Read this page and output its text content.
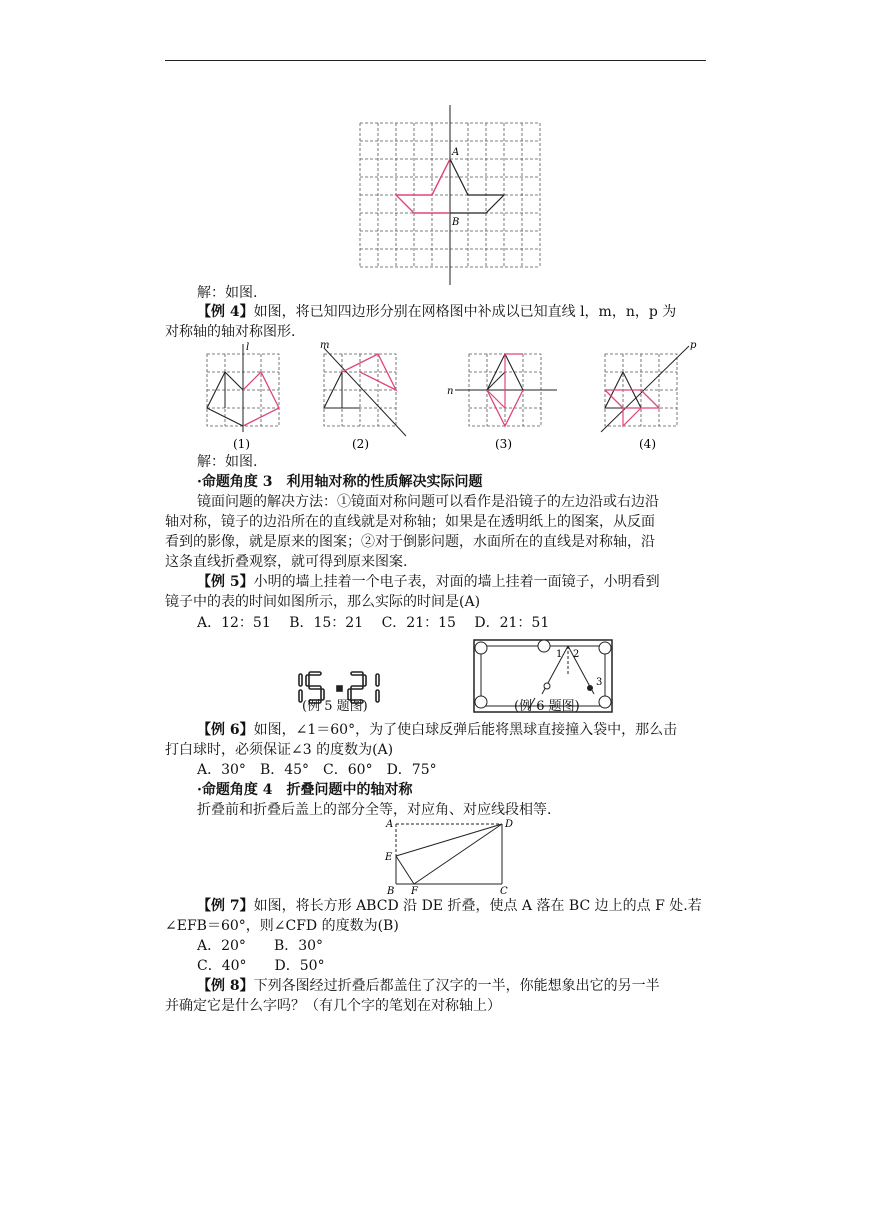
A
B
解：如图.
【例 4】如图，将已知四边形分别在网格图中补成以已知直线 l，m，n，p 为
对称轴的轴对称图形.
l
(1)
m
(2)
n
(3)
p
(4)
解：如图.
·命题角度 3　利用轴对称的性质解决实际问题
镜面问题的解决方法：①镜面对称问题可以看作是沿镜子的左边沿或右边沿
轴对称，镜子的边沿所在的直线就是对称轴；如果是在透明纸上的图案，从反面
看到的影像，就是原来的图案；②对于倒影问题，水面所在的直线是对称轴，沿
这条直线折叠观察，就可得到原来图案.
【例 5】小明的墙上挂着一个电子表，对面的墙上挂着一面镜子，小明看到
镜子中的表的时间如图所示，那么实际的时间是(A)
A．12：51　 B．15：21　 C．21：15　 D．21：51
(例 5 题图)
1 2
3
(例 6 题图)
【例 6】如图，∠1＝60°，为了使白球反弹后能将黑球直接撞入袋中，那么击
打白球时，必须保证∠3 的度数为(A)
A．30°　 B．45°　 C．60°　 D．75°
·命题角度 4　折叠问题中的轴对称
折叠前和折叠后盖上的部分全等，对应角、对应线段相等.
A	D
E
B F	C
【例 7】如图，将长方形 ABCD 沿 DE 折叠，使点 A 落在 BC 边上的点 F 处.若
∠EFB＝60°，则∠CFD 的度数为(B)
A．20°　　 B．30°
C．40°　　 D．50°
【例 8】下列各图经过折叠后都盖住了汉字的一半，你能想象出它的另一半
并确定它是什么字吗？（有几个字的笔划在对称轴上）
